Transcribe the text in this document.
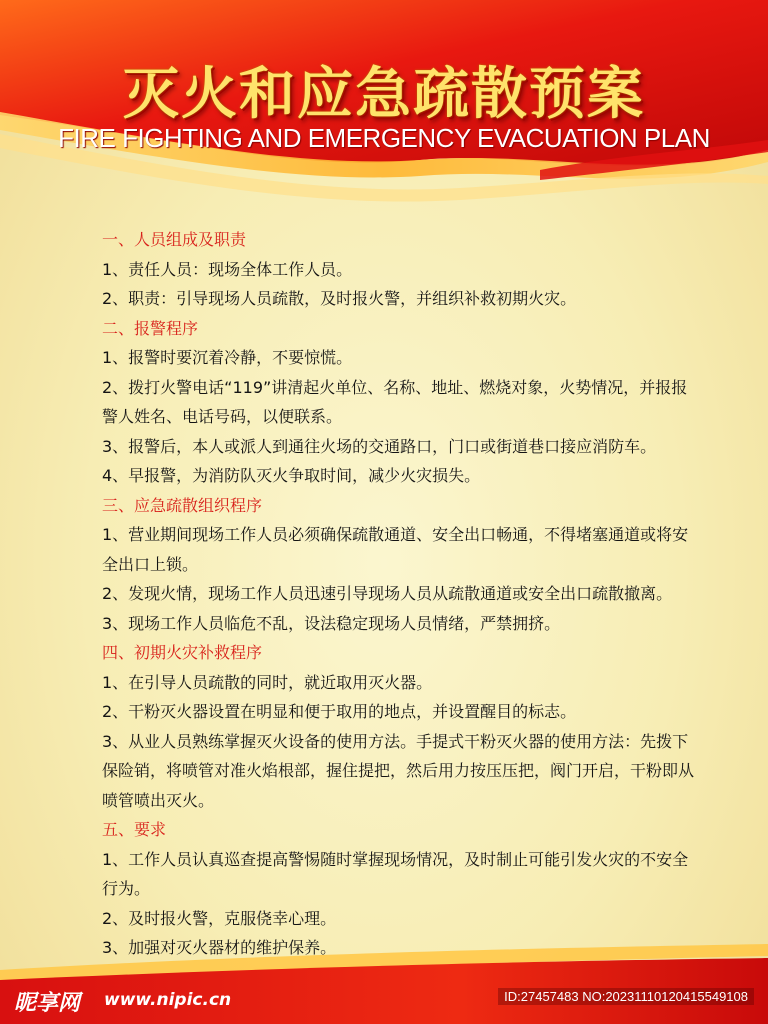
灭火和应急疏散预案
FIRE FIGHTING AND EMERGENCY EVACUATION PLAN
一、人员组成及职责

1、责任人员：现场全体工作人员。

2、职责：引导现场人员疏散，及时报火警，并组织补救初期火灾。

二、报警程序

1、报警时要沉着冷静，不要惊慌。

2、拨打火警电话“119”讲清起火单位、名称、地址、燃烧对象，火势情况，并报报警人姓名、电话号码，以便联系。

3、报警后，本人或派人到通往火场的交通路口，门口或街道巷口接应消防车。

4、早报警，为消防队灭火争取时间，减少火灾损失。

三、应急疏散组织程序

1、营业期间现场工作人员必须确保疏散通道、安全出口畅通，不得堵塞通道或将安全出口上锁。

2、发现火情，现场工作人员迅速引导现场人员从疏散通道或安全出口疏散撤离。

3、现场工作人员临危不乱，设法稳定现场人员情绪，严禁拥挤。

四、初期火灾补救程序

1、在引导人员疏散的同时，就近取用灭火器。

2、干粉灭火器设置在明显和便于取用的地点，并设置醒目的标志。

3、从业人员熟练掌握灭火设备的使用方法。手提式干粉灭火器的使用方法：先拨下保险销，将喷管对准火焰根部，握住提把，然后用力按压压把，阀门开启，干粉即从喷管喷出灭火。

五、要求

1、工作人员认真巡查提高警惕随时掌握现场情况，及时制止可能引发火灾的不安全行为。

2、及时报火警，克服侥幸心理。

3、加强对灭火器材的维护保养。

昵享网 www.nipic.cn	ID:27457483 NO:20231110120415549108
